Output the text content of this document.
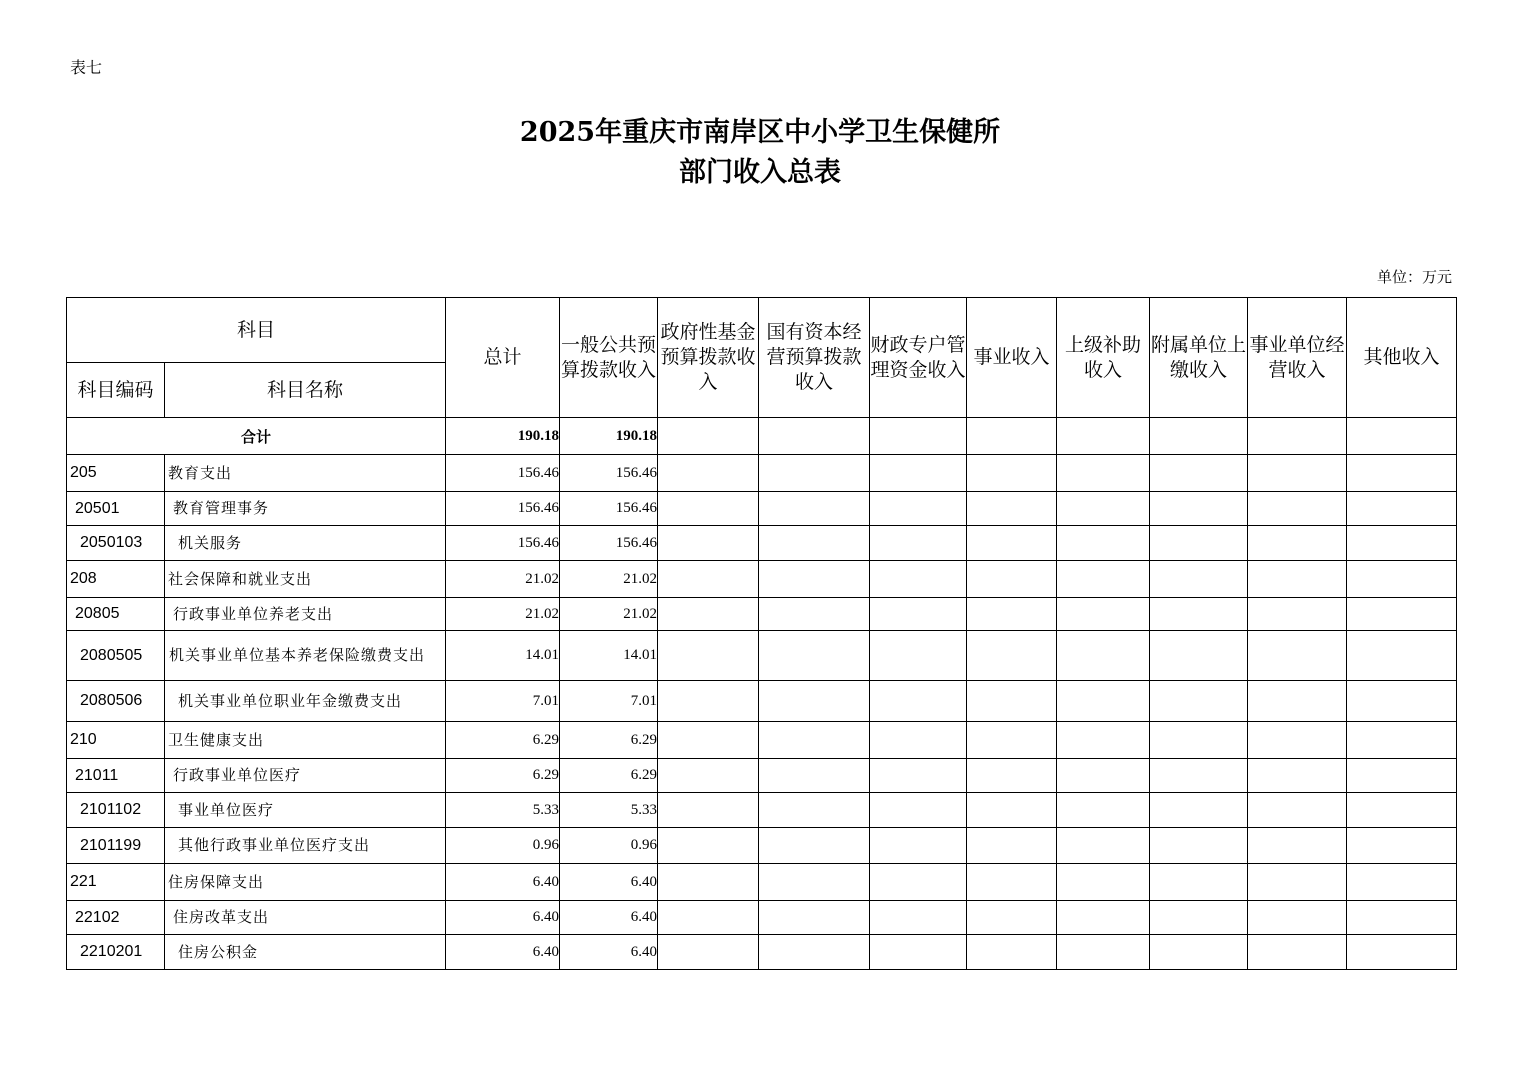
表七
2025年重庆市南岸区中小学卫生保健所
部门收入总表
单位：万元
科目		总计	一般公共预算拨款收入	政府性基金预算拨款收入	国有资本经营预算拨款收入	财政专户管理资金收入	事业收入	上级补助收入	附属单位上缴收入	事业单位经营收入	其他收入
科目编码	科目名称										
合计		190.18	190.18								
205	教育支出	156.46	156.46								
20501	教育管理事务	156.46	156.46								
2050103	机关服务	156.46	156.46								
208	社会保障和就业支出	21.02	21.02								
20805	行政事业单位养老支出	21.02	21.02								
2080505	机关事业单位基本养老保险缴费支出	14.01	14.01								
2080506	机关事业单位职业年金缴费支出	7.01	7.01								
210	卫生健康支出	6.29	6.29								
21011	行政事业单位医疗	6.29	6.29								
2101102	事业单位医疗	5.33	5.33								
2101199	其他行政事业单位医疗支出	0.96	0.96								
221	住房保障支出	6.40	6.40								
22102	住房改革支出	6.40	6.40								
2210201	住房公积金	6.40	6.40								
